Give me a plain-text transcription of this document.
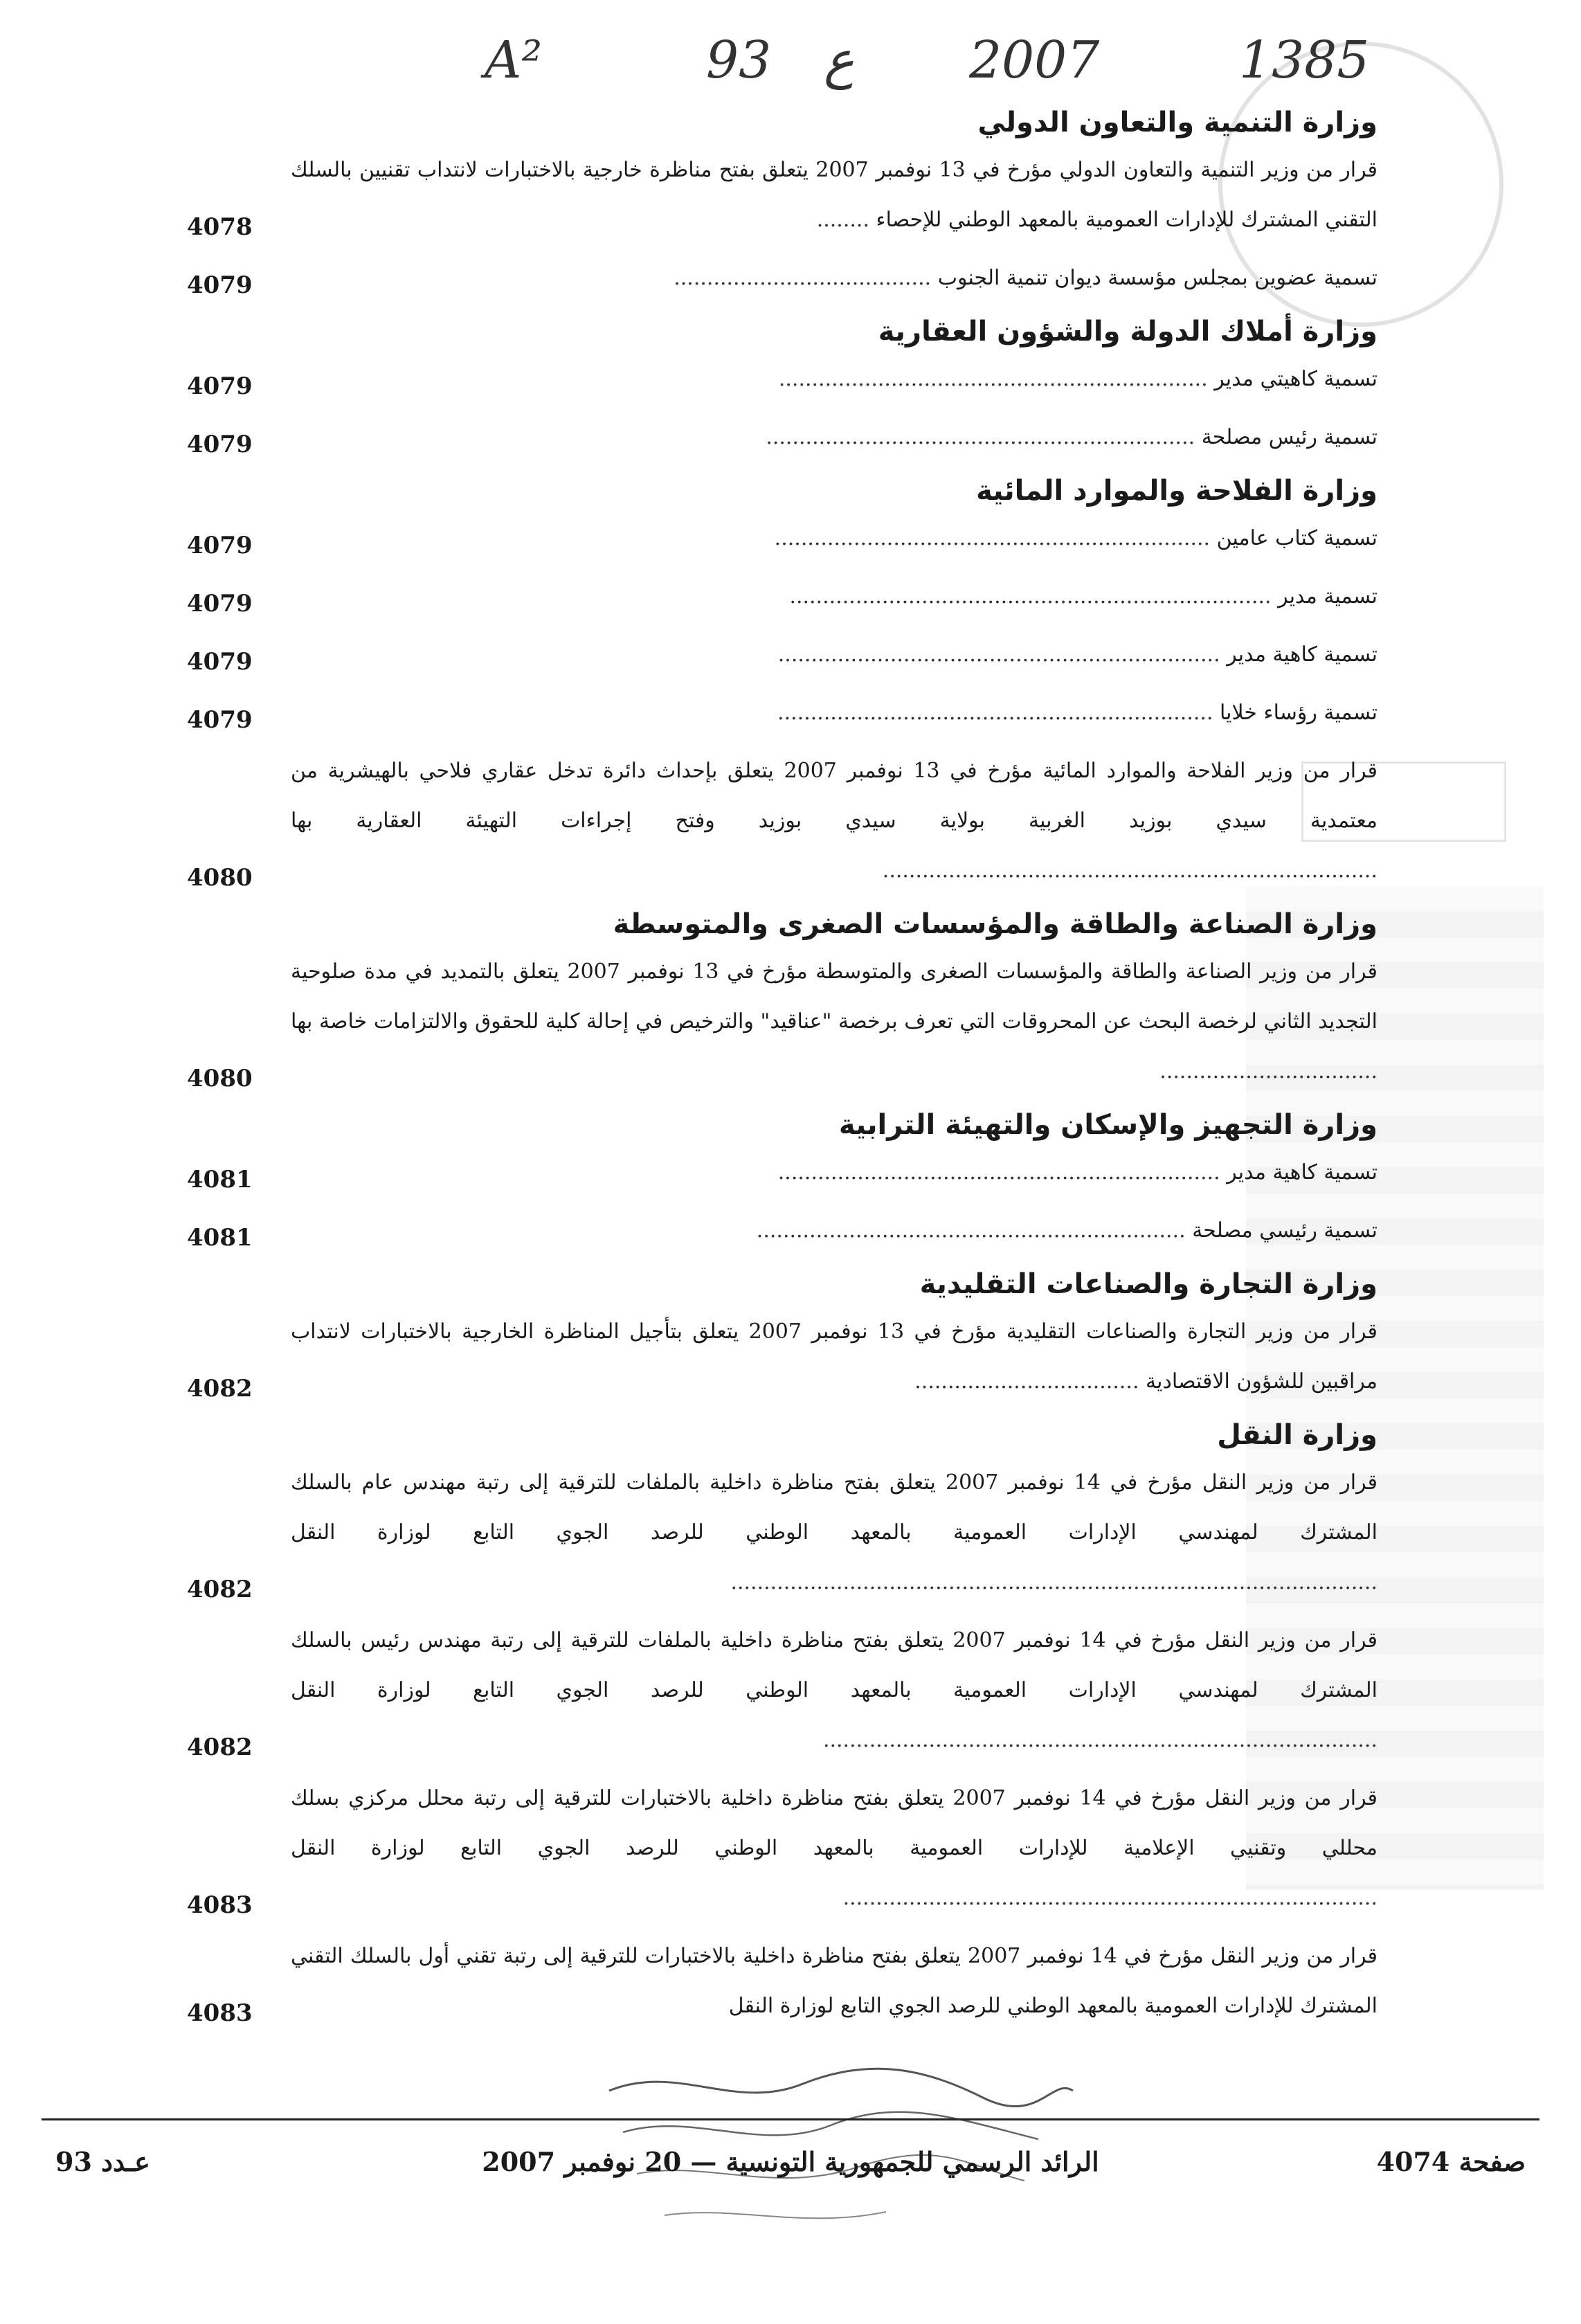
A²	93 ع 2007	1385
وزارة التنمية والتعاون الدولي
قرار من وزير التنمية والتعاون الدولي مؤرخ في 13 نوفمبر 2007 يتعلق بفتح مناظرة خارجية بالاختبارات لانتداب تقنيين بالسلك التقني المشترك للإدارات العمومية بالمعهد الوطني للإحصاء ........
4078
تسمية عضوين بمجلس مؤسسة ديوان تنمية الجنوب .......................................
4079
وزارة أملاك الدولة والشؤون العقارية
تسمية كاهيتي مدير .................................................................
4079
تسمية رئيس مصلحة .................................................................
4079
وزارة الفلاحة والموارد المائية
تسمية كتاب عامين ..................................................................
4079
تسمية مدير .........................................................................
4079
تسمية كاهية مدير ...................................................................
4079
تسمية رؤساء خلايا ..................................................................
4079
قرار من وزير الفلاحة والموارد المائية مؤرخ في 13 نوفمبر 2007 يتعلق بإحداث دائرة تدخل عقاري فلاحي بالهيشرية من معتمدية سيدي بوزيد الغربية بولاية سيدي بوزيد وفتح إجراءات التهيئة العقارية بها ...........................................................................
4080
وزارة الصناعة والطاقة والمؤسسات الصغرى والمتوسطة
قرار من وزير الصناعة والطاقة والمؤسسات الصغرى والمتوسطة مؤرخ في 13 نوفمبر 2007 يتعلق بالتمديد في مدة صلوحية التجديد الثاني لرخصة البحث عن المحروقات التي تعرف برخصة "عناقيد" والترخيص في إحالة كلية للحقوق والالتزامات خاصة بها .................................
4080
وزارة التجهيز والإسكان والتهيئة الترابية
تسمية كاهية مدير ...................................................................
4081
تسمية رئيسي مصلحة .................................................................
4081
وزارة التجارة والصناعات التقليدية
قرار من وزير التجارة والصناعات التقليدية مؤرخ في 13 نوفمبر 2007 يتعلق بتأجيل المناظرة الخارجية بالاختبارات لانتداب مراقبين للشؤون الاقتصادية ..................................
4082
وزارة النقل
قرار من وزير النقل مؤرخ في 14 نوفمبر 2007 يتعلق بفتح مناظرة داخلية بالملفات للترقية إلى رتبة مهندس عام بالسلك المشترك لمهندسي الإدارات العمومية بالمعهد الوطني للرصد الجوي التابع لوزارة النقل ..................................................................................................
4082
قرار من وزير النقل مؤرخ في 14 نوفمبر 2007 يتعلق بفتح مناظرة داخلية بالملفات للترقية إلى رتبة مهندس رئيس بالسلك المشترك لمهندسي الإدارات العمومية بالمعهد الوطني للرصد الجوي التابع لوزارة النقل ....................................................................................
4082
قرار من وزير النقل مؤرخ في 14 نوفمبر 2007 يتعلق بفتح مناظرة داخلية بالاختبارات للترقية إلى رتبة محلل مركزي بسلك محللي وتقنيي الإعلامية للإدارات العمومية بالمعهد الوطني للرصد الجوي التابع لوزارة النقل .................................................................................
4083
قرار من وزير النقل مؤرخ في 14 نوفمبر 2007 يتعلق بفتح مناظرة داخلية بالاختبارات للترقية إلى رتبة تقني أول بالسلك التقني المشترك للإدارات العمومية بالمعهد الوطني للرصد الجوي التابع لوزارة النقل
4083
صفحة 4074
الرائد الرسمي للجمهورية التونسية — 20 نوفمبر 2007
عـدد 93
